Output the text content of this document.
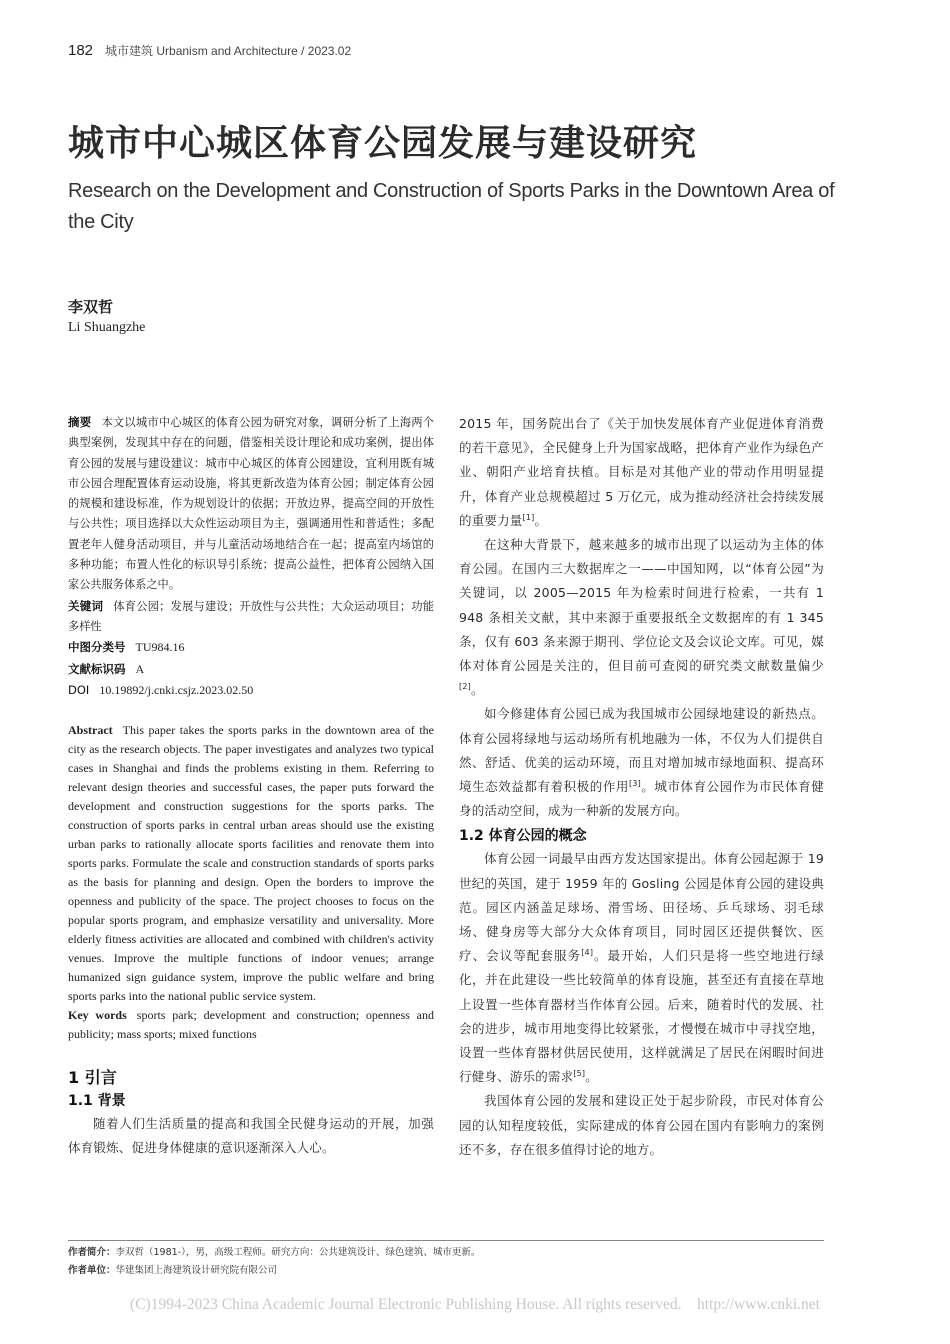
182 城市建筑 Urbanism and Architecture / 2023.02
城市中心城区体育公园发展与建设研究
Research on the Development and Construction of Sports Parks in the Downtown Area of the City
李双哲
Li Shuangzhe

摘要 本文以城市中心城区的体育公园为研究对象，调研分析了上海两个典型案例，发现其中存在的问题，借鉴相关设计理论和成功案例，提出体育公园的发展与建设建议：城市中心城区的体育公园建设，宜利用既有城市公园合理配置体育运动设施，将其更新改造为体育公园；制定体育公园的规模和建设标准，作为规划设计的依据；开放边界，提高空间的开放性与公共性；项目选择以大众性运动项目为主，强调通用性和普适性；多配置老年人健身活动项目，并与儿童活动场地结合在一起；提高室内场馆的多种功能；布置人性化的标识导引系统；提高公益性，把体育公园纳入国家公共服务体系之中。

关键词 体育公园；发展与建设；开放性与公共性；大众运动项目；功能多样性

中图分类号 TU984.16

文献标识码 A

DOI 10.19892/j.cnki.csjz.2023.02.50

Abstract This paper takes the sports parks in the downtown area of the city as the research objects. The paper investigates and analyzes two typical cases in Shanghai and finds the problems existing in them. Referring to relevant design theories and successful cases, the paper puts forward the development and construction suggestions for the sports parks. The construction of sports parks in central urban areas should use the existing urban parks to rationally allocate sports facilities and renovate them into sports parks. Formulate the scale and construction standards of sports parks as the basis for planning and design. Open the borders to improve the openness and publicity of the space. The project chooses to focus on the popular sports program, and emphasize versatility and universality. More elderly fitness activities are allocated and combined with children's activity venues. Improve the multiple functions of indoor venues; arrange humanized sign guidance system, improve the public welfare and bring sports parks into the national public service system.

Key words sports park; development and construction; openness and publicity; mass sports; mixed functions

1 引言
1.1 背景

随着人们生活质量的提高和我国全民健身运动的开展，加强体育锻炼、促进身体健康的意识逐渐深入人心。

2015 年，国务院出台了《关于加快发展体育产业促进体育消费的若干意见》，全民健身上升为国家战略，把体育产业作为绿色产业、朝阳产业培育扶植。目标是对其他产业的带动作用明显提升，体育产业总规模超过 5 万亿元，成为推动经济社会持续发展的重要力量[1]。

在这种大背景下，越来越多的城市出现了以运动为主体的体育公园。在国内三大数据库之一——中国知网，以“体育公园”为关键词，以 2005—2015 年为检索时间进行检索，一共有 1 948 条相关文献，其中来源于重要报纸全文数据库的有 1 345 条，仅有 603 条来源于期刊、学位论文及会议论文库。可见，媒体对体育公园是关注的，但目前可查阅的研究类文献数量偏少[2]。

如今修建体育公园已成为我国城市公园绿地建设的新热点。体育公园将绿地与运动场所有机地融为一体，不仅为人们提供自然、舒适、优美的运动环境，而且对增加城市绿地面积、提高环境生态效益都有着积极的作用[3]。城市体育公园作为市民体育健身的活动空间，成为一种新的发展方向。

1.2 体育公园的概念

体育公园一词最早由西方发达国家提出。体育公园起源于 19 世纪的英国，建于 1959 年的 Gosling 公园是体育公园的建设典范。园区内涵盖足球场、滑雪场、田径场、乒乓球场、羽毛球场、健身房等大部分大众体育项目，同时园区还提供餐饮、医疗、会议等配套服务[4]。最开始，人们只是将一些空地进行绿化，并在此建设一些比较简单的体育设施，甚至还有直接在草地上设置一些体育器材当作体育公园。后来，随着时代的发展、社会的进步，城市用地变得比较紧张，才慢慢在城市中寻找空地，设置一些体育器材供居民使用，这样就满足了居民在闲暇时间进行健身、游乐的需求[5]。

我国体育公园的发展和建设正处于起步阶段，市民对体育公园的认知程度较低，实际建成的体育公园在国内有影响力的案例还不多，存在很多值得讨论的地方。

作者简介：李双哲（1981-），男，高级工程师。研究方向：公共建筑设计、绿色建筑、城市更新。
作者单位：华建集团上海建筑设计研究院有限公司
(C)1994-2023 China Academic Journal Electronic Publishing House. All rights reserved.    http://www.cnki.net
